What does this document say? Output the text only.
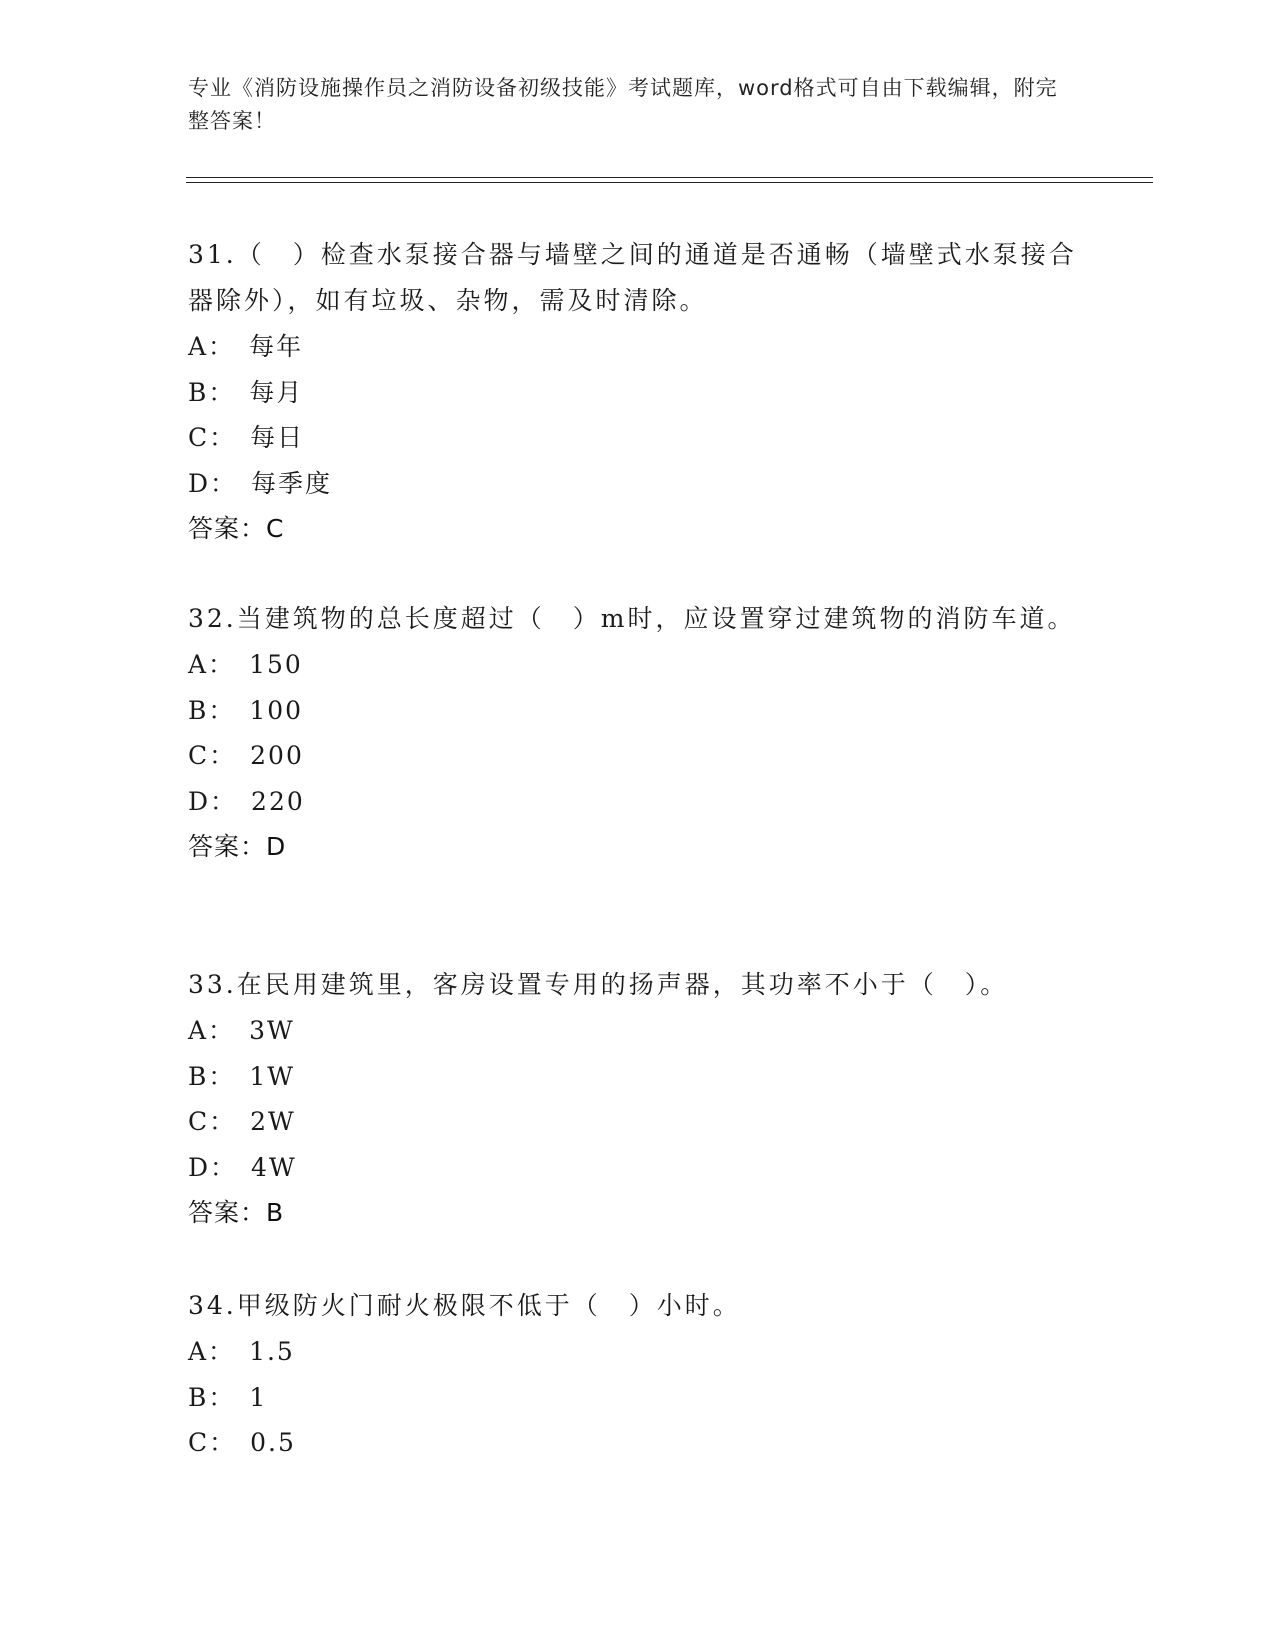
专业《消防设施操作员之消防设备初级技能》考试题库，word格式可自由下载编辑，附完整答案！

31.（　）检查水泵接合器与墙壁之间的通道是否通畅（墙壁式水泵接合器除外），如有垃圾、杂物，需及时清除。

A： 每年

B： 每月

C： 每日

D： 每季度

答案：C

32.当建筑物的总长度超过（　）m时，应设置穿过建筑物的消防车道。

A： 150

B： 100

C： 200

D： 220

答案：D

33.在民用建筑里，客房设置专用的扬声器，其功率不小于（　）。

A： 3W

B： 1W

C： 2W

D： 4W

答案：B

34.甲级防火门耐火极限不低于（　）小时。

A： 1.5

B： 1

C： 0.5
